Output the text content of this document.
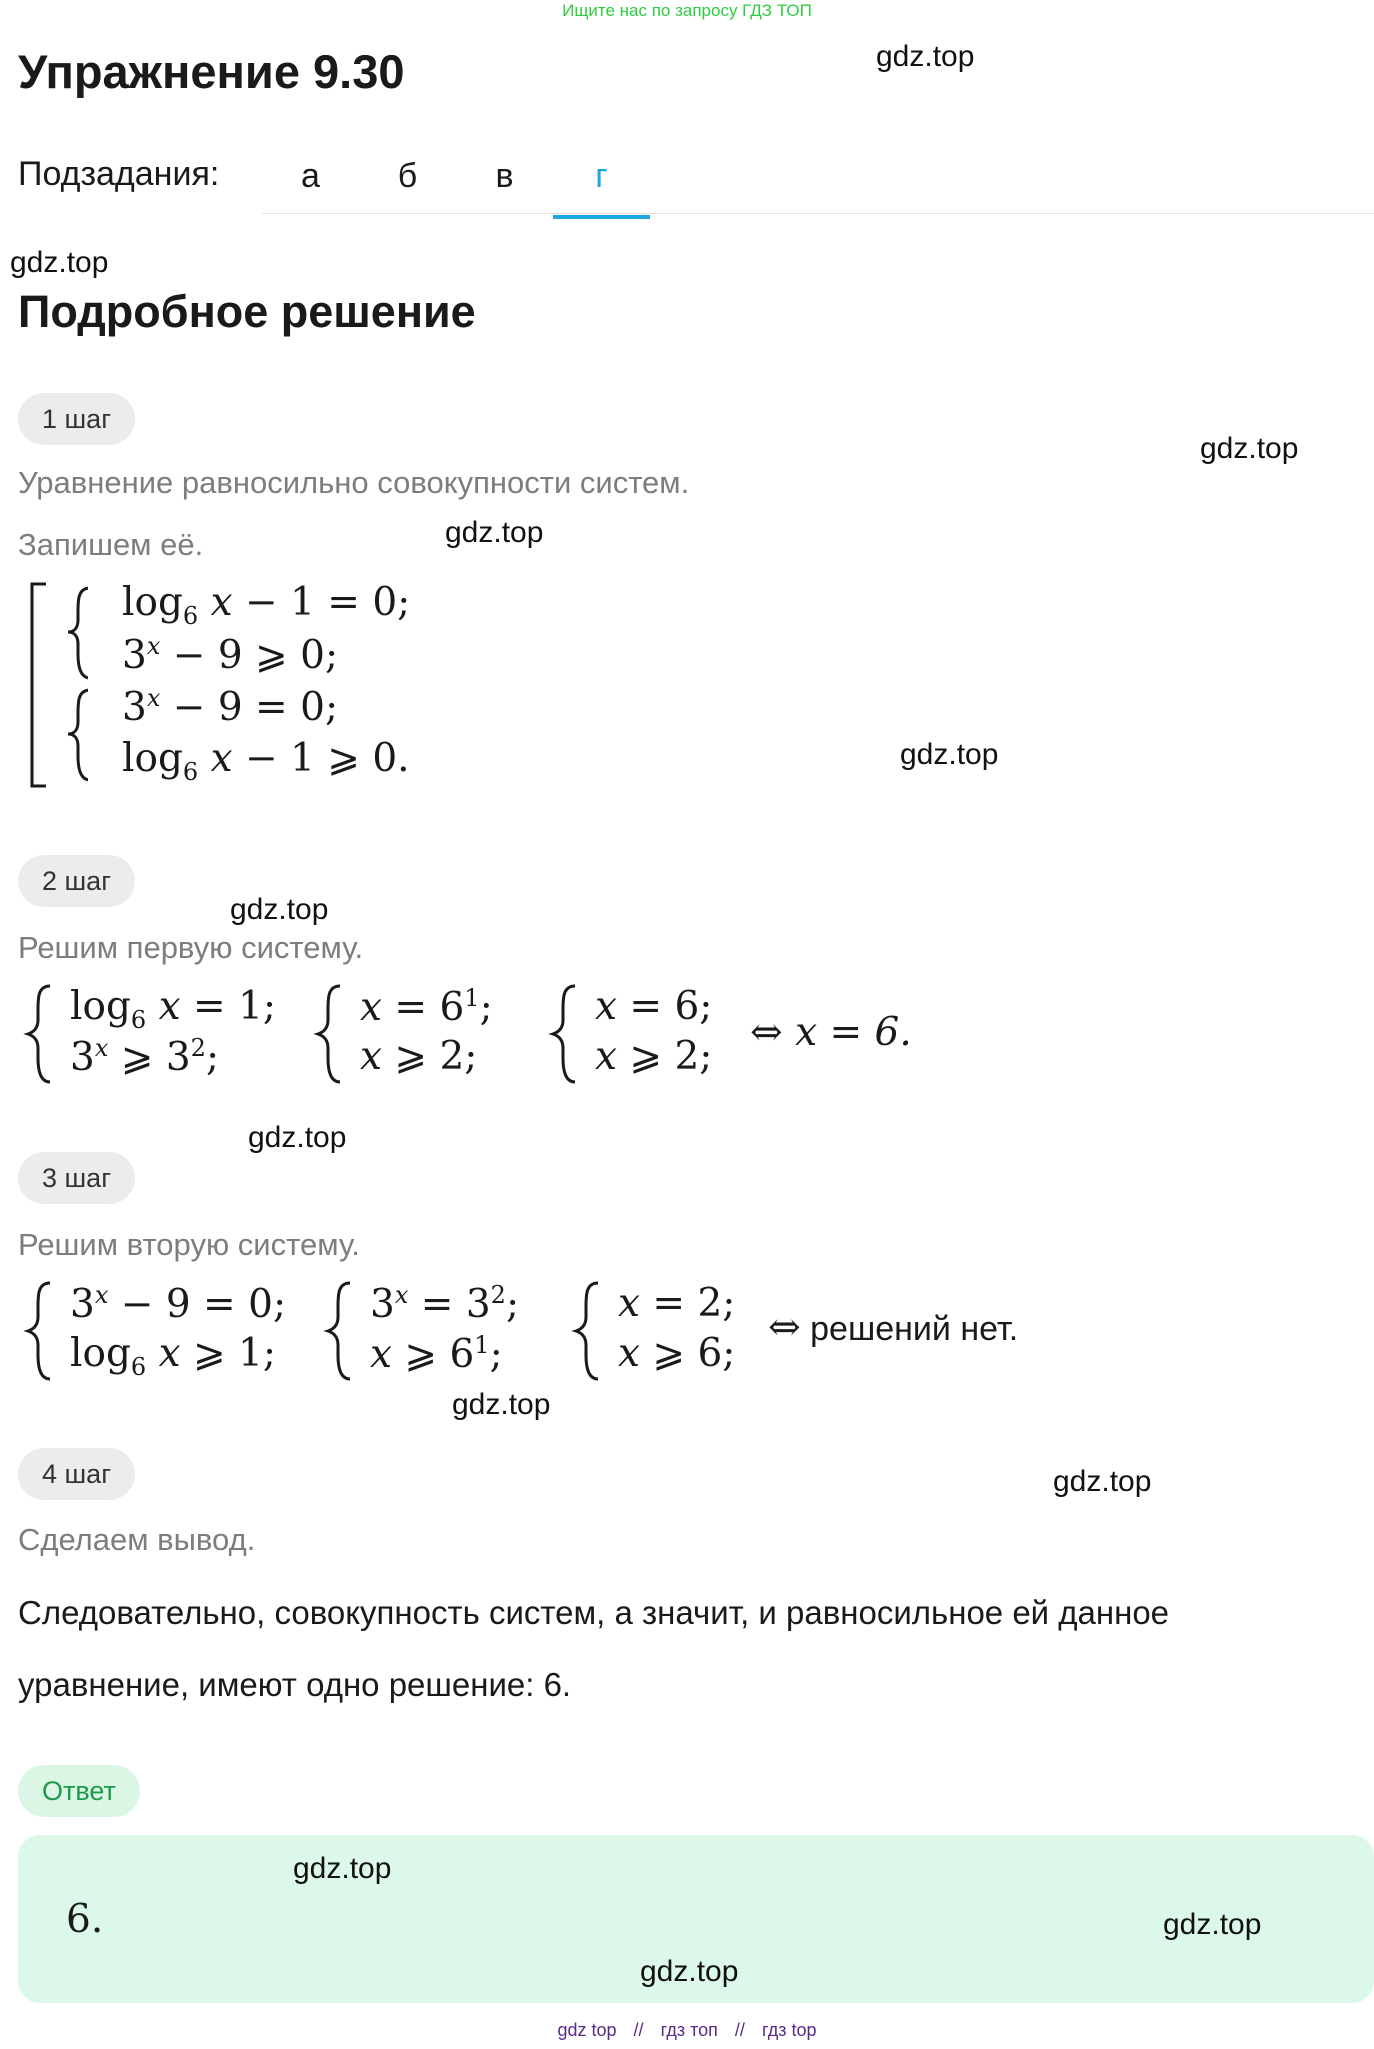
Ищите нас по запросу ГДЗ ТОП
Упражнение 9.30	gdz.top
Подзадания:	а	б	в	г
gdz.top
Подробное решение
1 шаг
gdz.top
Уравнение равносильно совокупности систем.
Запишем её.	gdz.top
gdz.top
$\log_6 x - 1 = 0$;
$3^x - 9$ ⩾ 0;
$3^x - 9 = 0$;
$\log_6 x - 1$ ⩾ 0.
2 шаг
gdz.top
Решим первую систему.
$\log_6 x = 1$;
3$^x$ ⩾ $3^2$;
$x = 6^1$;
x ⩾ 2;
x = 6;
x ⩾ 2;
⇔ x = 6.
gdz.top
3 шаг
Решим вторую систему.
$3^x - 9 = 0$;
$\log_6 x$ ⩾ 1;
$3^x = 3^2$;
x ⩾ $6^1$;
x = 2;
x ⩾ 6;
⇔ решений нет.
gdz.top
4 шаг	gdz.top
Сделаем вывод.
Следовательно, совокупность систем, а значит, и равносильное ей данное
уравнение, имеют одно решение: 6.
Ответ
6.
gdz.top
gdz.top
gdz.top
gdz top // гдз топ // гдз top
